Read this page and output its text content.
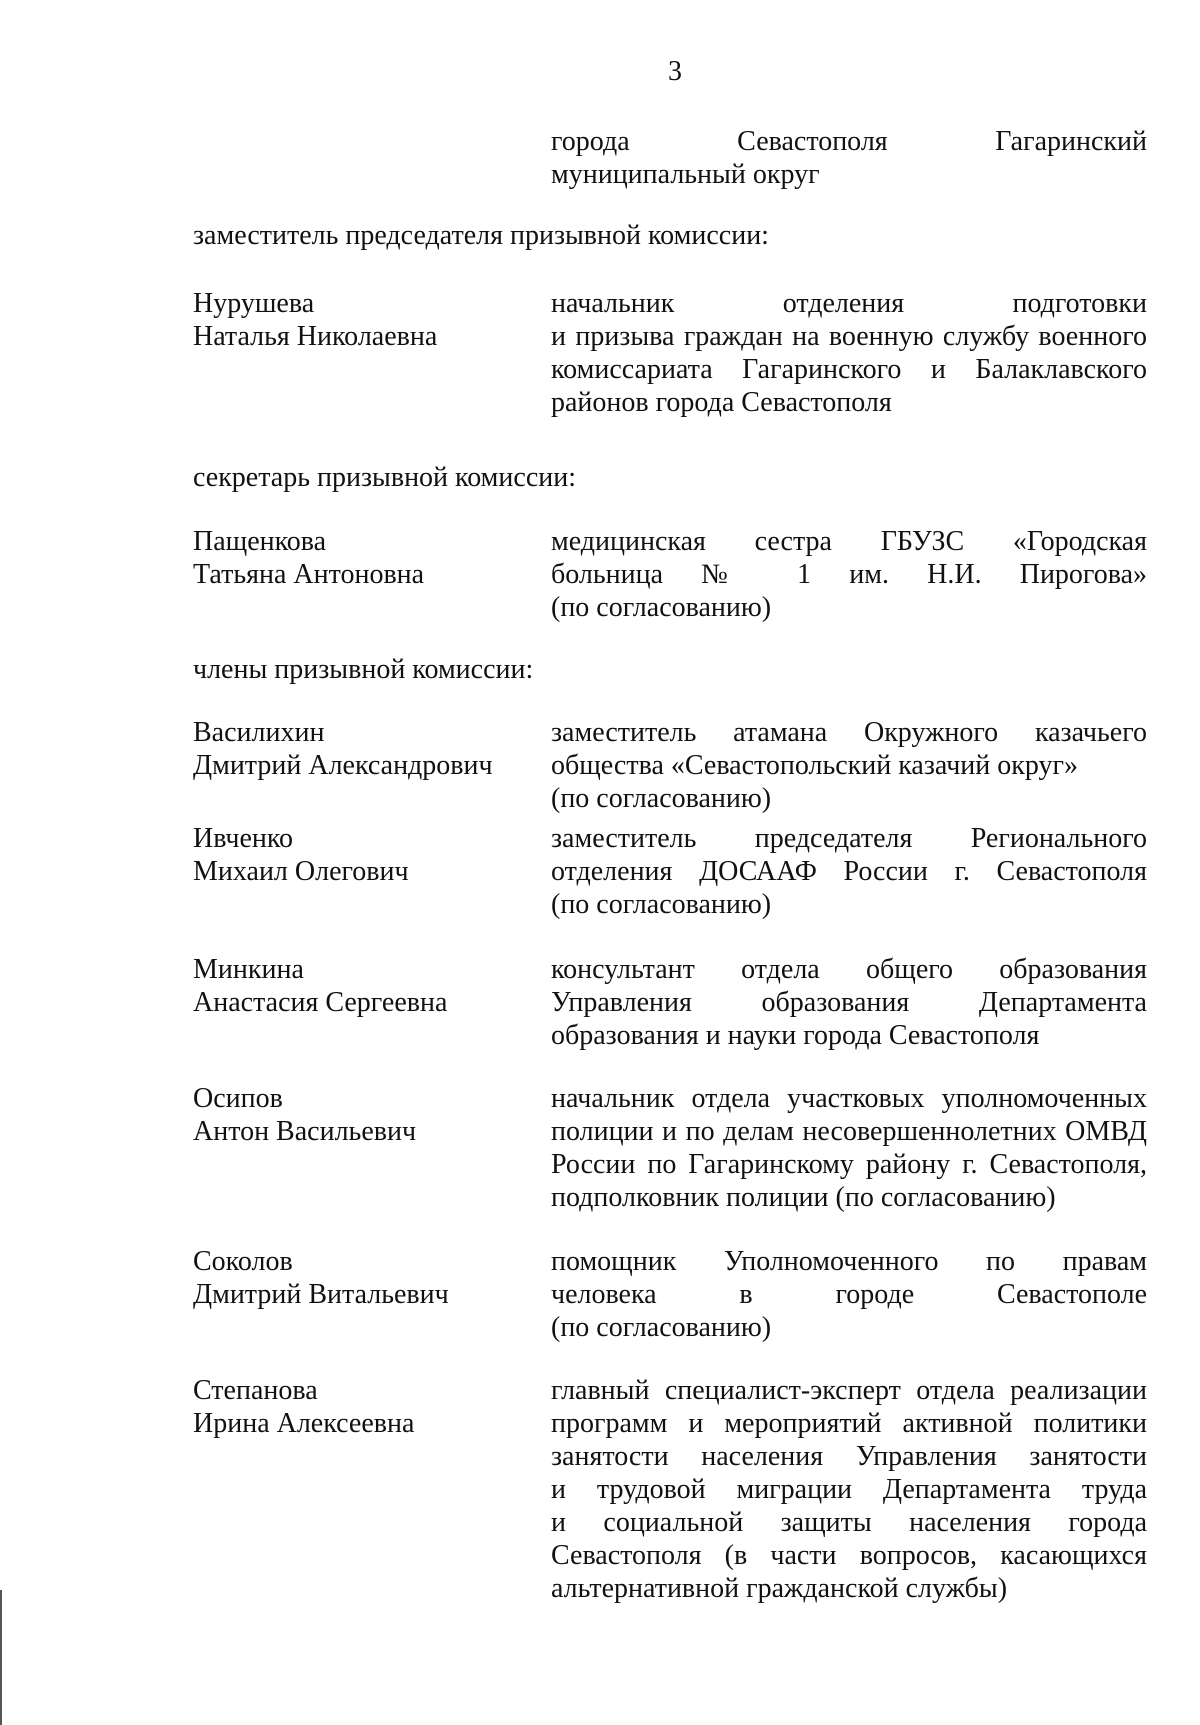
3
города Севастополя Гагаринский
муниципальный округ
заместитель председателя призывной комиссии:
Нурушева
Наталья Николаевна
начальник отделения подготовки
и призыва граждан на военную службу военного
комиссариата Гагаринского и Балаклавского
районов города Севастополя
секретарь призывной комиссии:
Пащенкова
Татьяна Антоновна
медицинская сестра ГБУЗС «Городская
больница № 1 им. Н.И. Пирогова»
(по согласованию)
члены призывной комиссии:
Василихин
Дмитрий Александрович
заместитель атамана Окружного казачьего
общества «Севастопольский казачий округ»
(по согласованию)
Ивченко
Михаил Олегович
заместитель председателя Регионального
отделения ДОСААФ России г. Севастополя
(по согласованию)
Минкина
Анастасия Сергеевна
консультант отдела общего образования
Управления образования Департамента
образования и науки города Севастополя
Осипов
Антон Васильевич
начальник отдела участковых уполномоченных
полиции и по делам несовершеннолетних ОМВД
России по Гагаринскому району г. Севастополя,
подполковник полиции (по согласованию)
Соколов
Дмитрий Витальевич
помощник Уполномоченного по правам
человека в городе Севастополе
(по согласованию)
Степанова
Ирина Алексеевна
главный специалист-эксперт отдела реализации
программ и мероприятий активной политики
занятости населения Управления занятости
и трудовой миграции Департамента труда
и социальной защиты населения города
Севастополя (в части вопросов, касающихся
альтернативной гражданской службы)
